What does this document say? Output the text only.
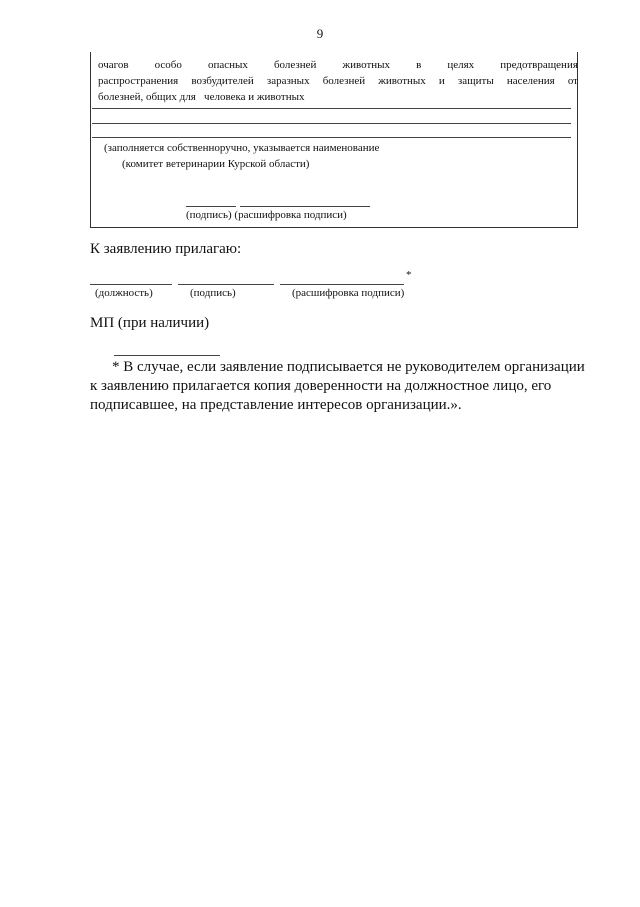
9
очагов особо опасных болезней животных в целях предотвращения
распространения возбудителей заразных болезней животных и защиты населения от
болезней, общих для   человека и животных
(заполняется собственноручно, указывается наименование
(комитет ветеринарии Курской области)
(подпись) (расшифровка подписи)
К заявлению прилагаю:
*
(должность)	(подпись)	(расшифровка подписи)
МП (при наличии)

* В случае, если заявление подписывается не руководителем организации

к заявлению прилагается копия доверенности на должностное лицо, его

подписавшее, на представление интересов организации.».
